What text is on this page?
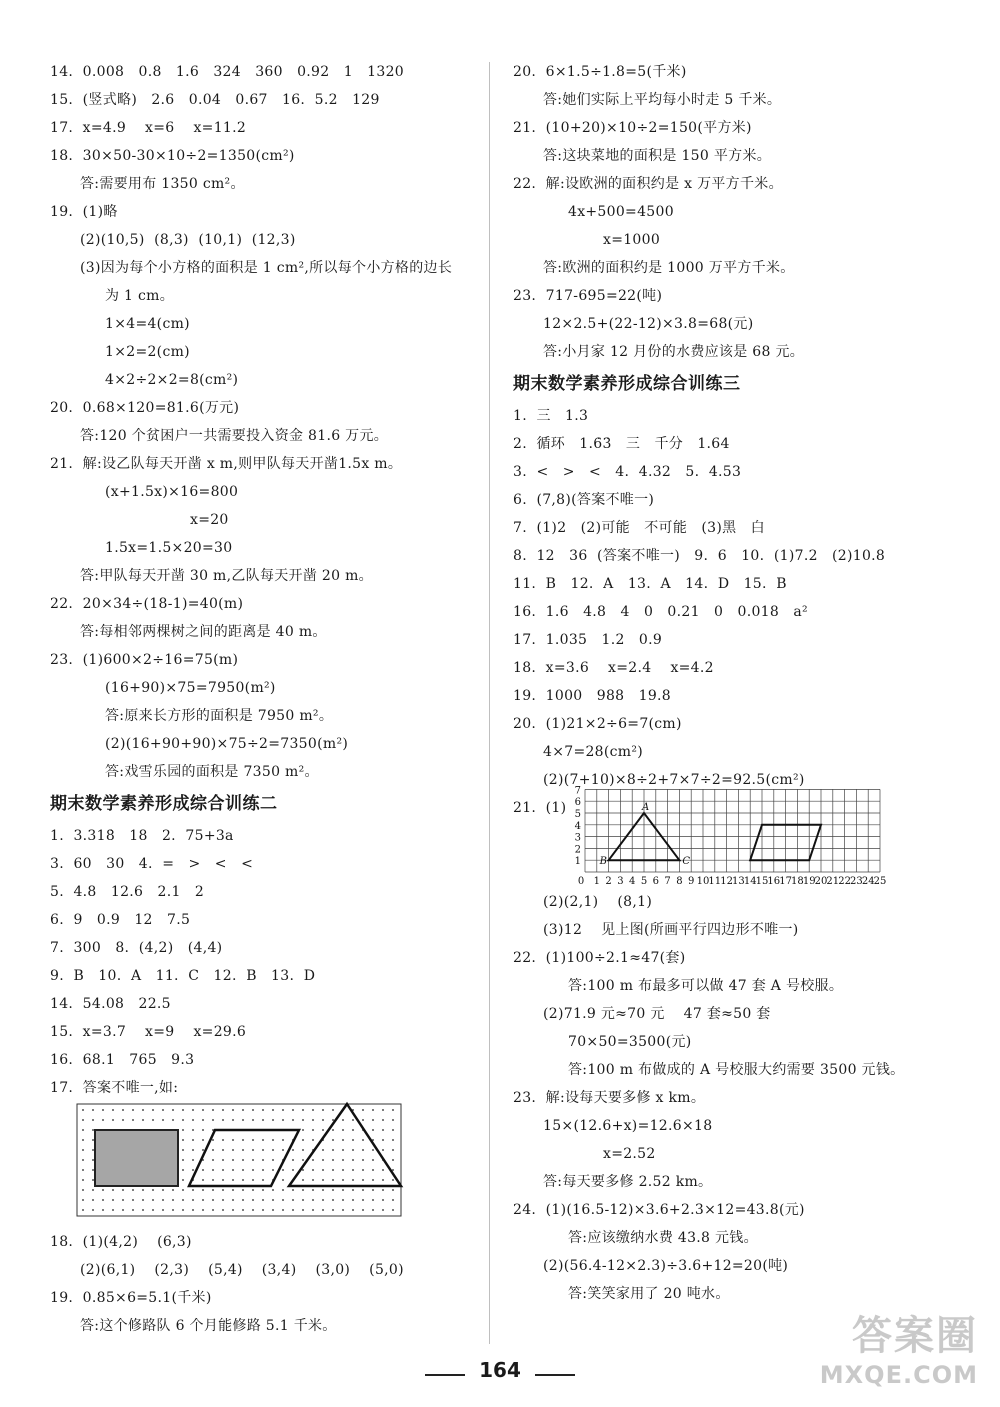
14.  0.008   0.8   1.6   324   360   0.92   1   1320
15.  (竖式略)   2.6   0.04   0.67   16.  5.2   129
17.  x=4.9    x=6    x=11.2
18.  30×50-30×10÷2=1350(cm²)
答:需要用布 1350 cm²。
19.  (1)略
(2)(10,5)  (8,3)  (10,1)  (12,3)
(3)因为每个小方格的面积是 1 cm²,所以每个小方格的边长
为 1 cm。
1×4=4(cm)
1×2=2(cm)
4×2÷2×2=8(cm²)
20.  0.68×120=81.6(万元)
答:120 个贫困户一共需要投入资金 81.6 万元。
21.  解:设乙队每天开凿 x m,则甲队每天开凿1.5x m。
(x+1.5x)×16=800
x=20
1.5x=1.5×20=30
答:甲队每天开凿 30 m,乙队每天开凿 20 m。
22.  20×34÷(18-1)=40(m)
答:每相邻两棵树之间的距离是 40 m。
23.  (1)600×2÷16=75(m)
(16+90)×75=7950(m²)
答:原来长方形的面积是 7950 m²。
(2)(16+90+90)×75÷2=7350(m²)
答:戏雪乐园的面积是 7350 m²。
期末数学素养形成综合训练二
1.  3.318̇   18   2.  75+3a
3.  60   30   4.  =   >   <   <
5.  4.8   12.6   2.1   2
6.  9   0.9   12   7.5
7.  300   8.  (4,2)   (4,4)
9.  B   10.  A   11.  C   12.  B   13.  D
14.  54.08   22.5
15.  x=3.7    x=9    x=29.6
16.  68.1   765   9.3
17.  答案不唯一,如:
18.  (1)(4,2)    (6,3)
(2)(6,1)    (2,3)    (5,4)    (3,4)    (3,0)    (5,0)
19.  0.85×6=5.1(千米)
答:这个修路队 6 个月能修路 5.1 千米。
20.  6×1.5÷1.8=5(千米)
答:她们实际上平均每小时走 5 千米。
21.  (10+20)×10÷2=150(平方米)
答:这块菜地的面积是 150 平方米。
22.  解:设欧洲的面积约是 x 万平方千米。
4x+500=4500
x=1000
答:欧洲的面积约是 1000 万平方千米。
23.  717-695=22(吨)
12×2.5+(22-12)×3.8=68(元)
答:小月家 12 月份的水费应该是 68 元。
期末数学素养形成综合训练三
1.  三   1.3
2.  循环   1.6̇3̇   三   千分   1.64
3.  <   >   <   4.  4.32   5.  4.53
6.  (7,8)(答案不唯一)
7.  (1)2   (2)可能   不可能   (3)黑   白
8.  12   36  (答案不唯一)   9.  6   10.  (1)7.2   (2)10.8
11.  B   12.  A   13.  A   14.  D   15.  B
16.  1.6   4.8   4   0   0.21   0   0.018   a²
17.  1.035   1.2   0.9
18.  x=3.6    x=2.4    x=4.2
19.  1000   988   19.8
20.  (1)21×2÷6=7(cm)
4×7=28(cm²)
(2)(7+10)×8÷2+7×7÷2=92.5(cm²)
21.  (1)
1 2 3 4 5 6 7 8 9 10 11 12 13 14 15 16 17 18 19 20 21 22 23 24 25
0
1
2
3
4
5
6
7
A
B	C
(2)(2,1)    (8,1)
(3)12    见上图(所画平行四边形不唯一)
22.  (1)100÷2.1≈47(套)
答:100 m 布最多可以做 47 套 A 号校服。
(2)71.9 元≈70 元    47 套≈50 套
70×50=3500(元)
答:100 m 布做成的 A 号校服大约需要 3500 元钱。
23.  解:设每天要多修 x km。
15×(12.6+x)=12.6×18
x=2.52
答:每天要多修 2.52 km。
24.  (1)(16.5-12)×3.6+2.3×12=43.8(元)
答:应该缴纳水费 43.8 元钱。
(2)(56.4-12×2.3)÷3.6+12=20(吨)
答:笑笑家用了 20 吨水。
164
答案圈
MXQE.COM
